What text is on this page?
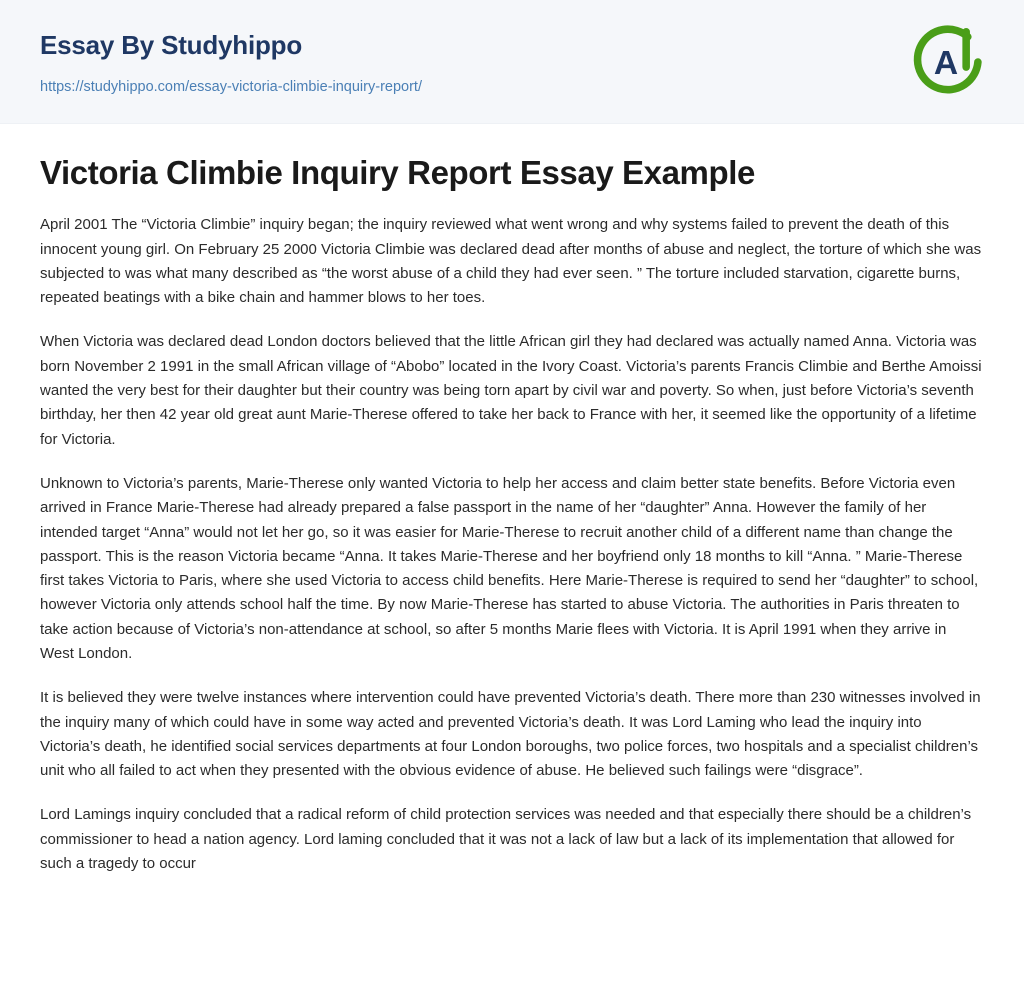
Essay By Studyhippo
https://studyhippo.com/essay-victoria-climbie-inquiry-report/
A
Victoria Climbie Inquiry Report Essay Example

April 2001 The “Victoria Climbie” inquiry began; the inquiry reviewed what went wrong and why systems failed to prevent the death of this innocent young girl. On February 25 2000 Victoria Climbie was declared dead after months of abuse and neglect, the torture of which she was subjected to was what many described as “the worst abuse of a child they had ever seen. ” The torture included starvation, cigarette burns, repeated beatings with a bike chain and hammer blows to her toes.

When Victoria was declared dead London doctors believed that the little African girl they had declared was actually named Anna. Victoria was born November 2 1991 in the small African village of “Abobo” located in the Ivory Coast. Victoria’s parents Francis Climbie and Berthe Amoissi wanted the very best for their daughter but their country was being torn apart by civil war and poverty. So when, just before Victoria’s seventh birthday, her then 42 year old great aunt Marie-Therese offered to take her back to France with her, it seemed like the opportunity of a lifetime for Victoria.

Unknown to Victoria’s parents, Marie-Therese only wanted Victoria to help her access and claim better state benefits. Before Victoria even arrived in France Marie-Therese had already prepared a false passport in the name of her “daughter” Anna. However the family of her intended target “Anna” would not let her go, so it was easier for Marie-Therese to recruit another child of a different name than change the passport. This is the reason Victoria became “Anna. It takes Marie-Therese and her boyfriend only 18 months to kill “Anna. ” Marie-Therese first takes Victoria to Paris, where she used Victoria to access child benefits. Here Marie-Therese is required to send her “daughter” to school, however Victoria only attends school half the time. By now Marie-Therese has started to abuse Victoria. The authorities in Paris threaten to take action because of Victoria’s non-attendance at school, so after 5 months Marie flees with Victoria. It is April 1991 when they arrive in West London.

It is believed they were twelve instances where intervention could have prevented Victoria’s death. There more than 230 witnesses involved in the inquiry many of which could have in some way acted and prevented Victoria’s death. It was Lord Laming who lead the inquiry into Victoria’s death, he identified social services departments at four London boroughs, two police forces, two hospitals and a specialist children’s unit who all failed to act when they presented with the obvious evidence of abuse. He believed such failings were “disgrace”.

Lord Lamings inquiry concluded that a radical reform of child protection services was needed and that especially there should be a children’s commissioner to head a nation agency. Lord laming concluded that it was not a lack of law but a lack of its implementation that allowed for such a tragedy to occur
